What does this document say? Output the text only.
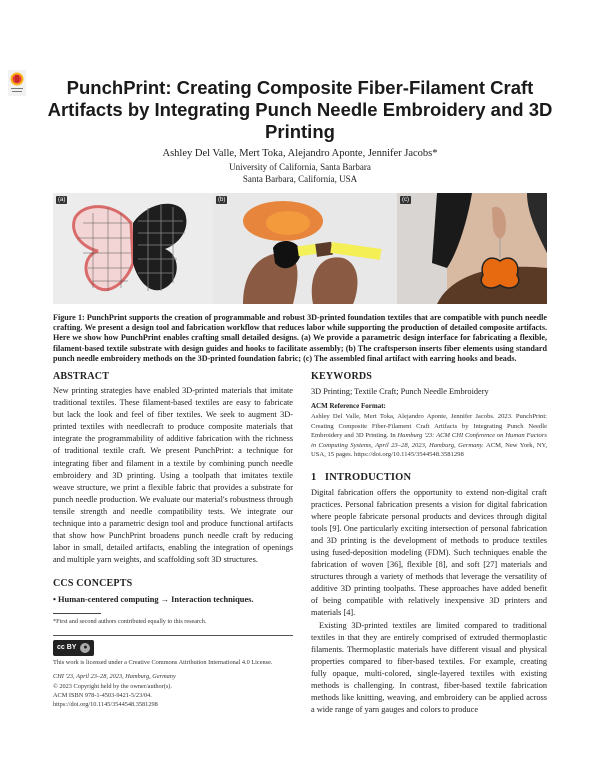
PunchPrint: Creating Composite Fiber-Filament Craft Artifacts by Integrating Punch Needle Embroidery and 3D Printing
Ashley Del Valle, Mert Toka, Alejandro Aponte, Jennifer Jacobs*
University of California, Santa Barbara
Santa Barbara, California, USA
(a)	(b)	(c)
Figure 1: PunchPrint supports the creation of programmable and robust 3D-printed foundation textiles that are compatible with punch needle crafting. We present a design tool and fabrication workflow that reduces labor while supporting the production of detailed composite artifacts. Here we show how PunchPrint enables crafting small detailed designs. (a) We provide a parametric design interface for fabricating a flexible, filament-based textile substrate with design guides and hooks to facilitate assembly; (b) The craftsperson inserts fiber elements using standard punch needle embroidery methods on the 3D-printed foundation fabric; (c) The assembled final artifact with earring hooks and beads.
ABSTRACT
New printing strategies have enabled 3D-printed materials that imitate traditional textiles. These filament-based textiles are easy to fabricate but lack the look and feel of fiber textiles. We seek to augment 3D-printed textiles with needlecraft to produce composite materials that integrate the programmability of additive fabrication with the richness of traditional textile craft. We present PunchPrint: a technique for integrating fiber and filament in a textile by combining punch needle embroidery and 3D printing. Using a toolpath that imitates textile weave structure, we print a flexible fabric that provides a substrate for punch needle production. We evaluate our material's robustness through tensile strength and needle compatibility tests. We integrate our technique into a parametric design tool and produce functional artifacts that show how PunchPrint broadens punch needle craft by reducing labor in small, detailed artifacts, enabling the integration of openings and multiple yarn weights, and scaffolding soft 3D structures.
CCS CONCEPTS
• Human-centered computing → Interaction techniques.
*First and second authors contributed equally to this research.
cc BY ●
This work is licensed under a Creative Commons Attribution International 4.0 License.
CHI '23, April 23–28, 2023, Hamburg, Germany
© 2023 Copyright held by the owner/author(s).
ACM ISBN 978-1-4503-9421-5/23/04.
https://doi.org/10.1145/3544548.3581298
KEYWORDS
3D Printing; Textile Craft; Punch Needle Embroidery
ACM Reference Format:
Ashley Del Valle, Mert Toka, Alejandro Aponte, Jennifer Jacobs. 2023. PunchPrint: Creating Composite Fiber-Filament Craft Artifacts by Integrating Punch Needle Embroidery and 3D Printing. In Hamburg '23: ACM CHI Conference on Human Factors in Computing Systems, April 23–28, 2023, Hamburg, Germany. ACM, New York, NY, USA, 15 pages. https://doi.org/10.1145/3544548.3581298
1   INTRODUCTION

Digital fabrication offers the opportunity to extend non-digital craft practices. Personal fabrication presents a vision for digital fabrication where people fabricate personal products and devices through digital tools [9]. One particularly exciting intersection of personal fabrication and 3D printing is the development of methods to produce textiles using fused-deposition modeling (FDM). Such techniques enable the fabrication of woven [36], flexible [8], and soft [27] materials and structures through a variety of methods that leverage the versatility of additive 3D printing toolpaths. These approaches have added benefit of being compatible with relatively inexpensive 3D printers and materials [4].

Existing 3D-printed textiles are limited compared to traditional textiles in that they are entirely comprised of extruded thermoplastic filaments. Thermoplastic materials have different visual and physical properties compared to fiber-based textiles. For example, creating fully opaque, multi-colored, single-layered textiles with existing methods is challenging. In contrast, fiber-based textile fabrication methods like knitting, weaving, and embroidery can be applied across a wide range of yarn gauges and colors to produce
